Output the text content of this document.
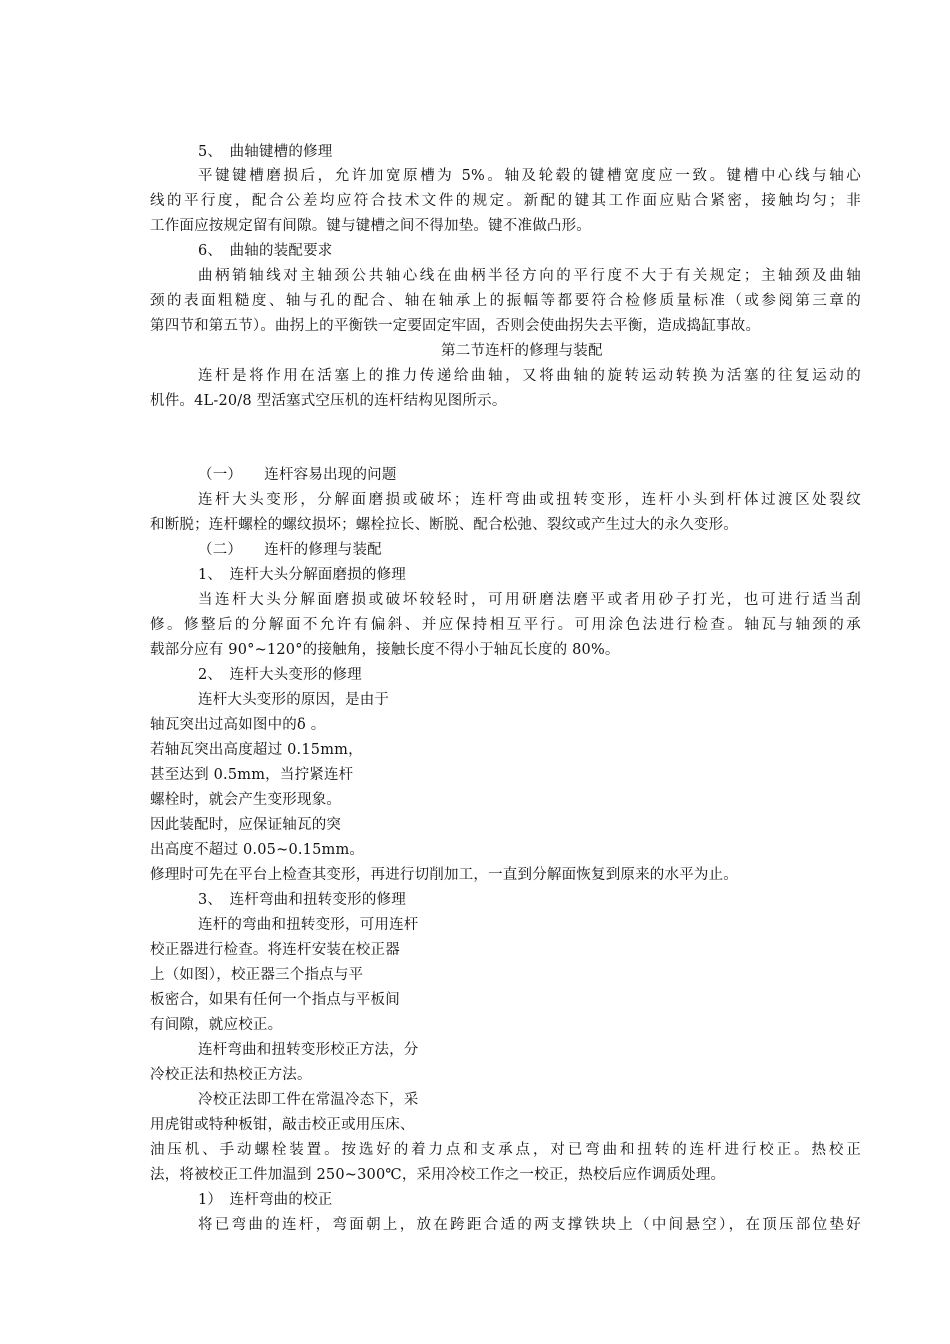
5、　曲轴键槽的修理
平键键槽磨损后，允许加宽原槽为 5%。轴及轮毂的键槽宽度应一致。键槽中心线与轴心
线的平行度，配合公差均应符合技术文件的规定。新配的键其工作面应贴合紧密，接触均匀；非
工作面应按规定留有间隙。键与键槽之间不得加垫。键不准做凸形。
6、　曲轴的装配要求
曲柄销轴线对主轴颈公共轴心线在曲柄半径方向的平行度不大于有关规定；主轴颈及曲轴
颈的表面粗糙度、轴与孔的配合、轴在轴承上的振幅等都要符合检修质量标准（或参阅第三章的
第四节和第五节）。曲拐上的平衡铁一定要固定牢固，否则会使曲拐失去平衡，造成捣缸事故。
第二节连杆的修理与装配
连杆是将作用在活塞上的推力传递给曲轴，又将曲轴的旋转运动转换为活塞的往复运动的
机件。4L-20/8 型活塞式空压机的连杆结构见图所示。
（一）　　连杆容易出现的问题
连杆大头变形，分解面磨损或破坏；连杆弯曲或扭转变形，连杆小头到杆体过渡区处裂纹
和断脱；连杆螺栓的螺纹损坏；螺栓拉长、断脱、配合松弛、裂纹或产生过大的永久变形。
（二）　　连杆的修理与装配
1、　连杆大头分解面磨损的修理
当连杆大头分解面磨损或破坏较轻时，可用研磨法磨平或者用砂子打光，也可进行适当刮
修。修整后的分解面不允许有偏斜、并应保持相互平行。可用涂色法进行检查。轴瓦与轴颈的承
载部分应有 90°~120°的接触角，接触长度不得小于轴瓦长度的 80%。
2、　连杆大头变形的修理
连杆大头变形的原因，是由于
轴瓦突出过高如图中的δ 。
若轴瓦突出高度超过 0.15mm，
甚至达到 0.5mm，当拧紧连杆
螺栓时，就会产生变形现象。
因此装配时，应保证轴瓦的突
出高度不超过 0.05~0.15mm。
修理时可先在平台上检查其变形，再进行切削加工，一直到分解面恢复到原来的水平为止。
3、　连杆弯曲和扭转变形的修理
连杆的弯曲和扭转变形，可用连杆
校正器进行检查。将连杆安装在校正器
上（如图），校正器三个指点与平
板密合，如果有任何一个指点与平板间
有间隙，就应校正。
连杆弯曲和扭转变形校正方法，分
冷校正法和热校正方法。
冷校正法即工件在常温冷态下，采
用虎钳或特种板钳，敲击校正或用压床、
油压机、手动螺栓装置。按选好的着力点和支承点，对已弯曲和扭转的连杆进行校正。热校正
法，将被校正工件加温到 250~300℃，采用冷校工作之一校正，热校后应作调质处理。
1）　连杆弯曲的校正
将已弯曲的连杆，弯面朝上，放在跨距合适的两支撑铁块上（中间悬空），在顶压部位垫好
